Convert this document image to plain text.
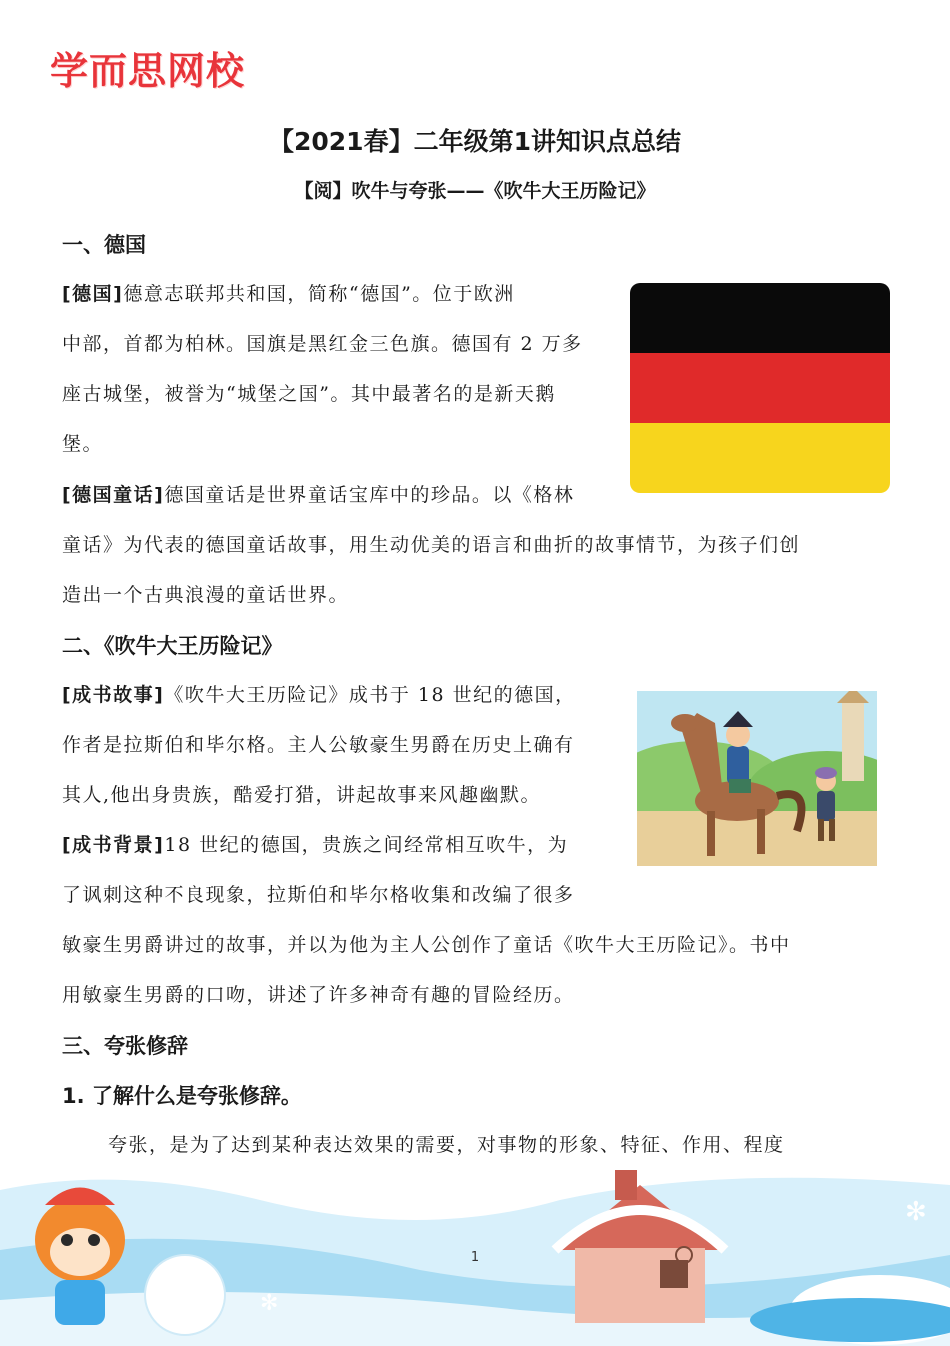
学而思网校
【2021春】二年级第1讲知识点总结
【阅】吹牛与夸张——《吹牛大王历险记》
一、德国
[德国]德意志联邦共和国，简称“德国”。位于欧洲
中部，首都为柏林。国旗是黑红金三色旗。德国有 2 万多
座古城堡，被誉为“城堡之国”。其中最著名的是新天鹅
堡。
[德国童话]德国童话是世界童话宝库中的珍品。以《格林
童话》为代表的德国童话故事，用生动优美的语言和曲折的故事情节，为孩子们创
造出一个古典浪漫的童话世界。
二、《吹牛大王历险记》
[成书故事]《吹牛大王历险记》成书于 18 世纪的德国，
作者是拉斯伯和毕尔格。主人公敏豪生男爵在历史上确有
其人,他出身贵族，酷爱打猎，讲起故事来风趣幽默。
[成书背景]18 世纪的德国，贵族之间经常相互吹牛，为
了讽刺这种不良现象，拉斯伯和毕尔格收集和改编了很多
敏豪生男爵讲过的故事，并以为他为主人公创作了童话《吹牛大王历险记》。书中
用敏豪生男爵的口吻，讲述了许多神奇有趣的冒险经历。
三、夸张修辞
1. 了解什么是夸张修辞。
夸张，是为了达到某种表达效果的需要，对事物的形象、特征、作用、程度
✻
✻
1
